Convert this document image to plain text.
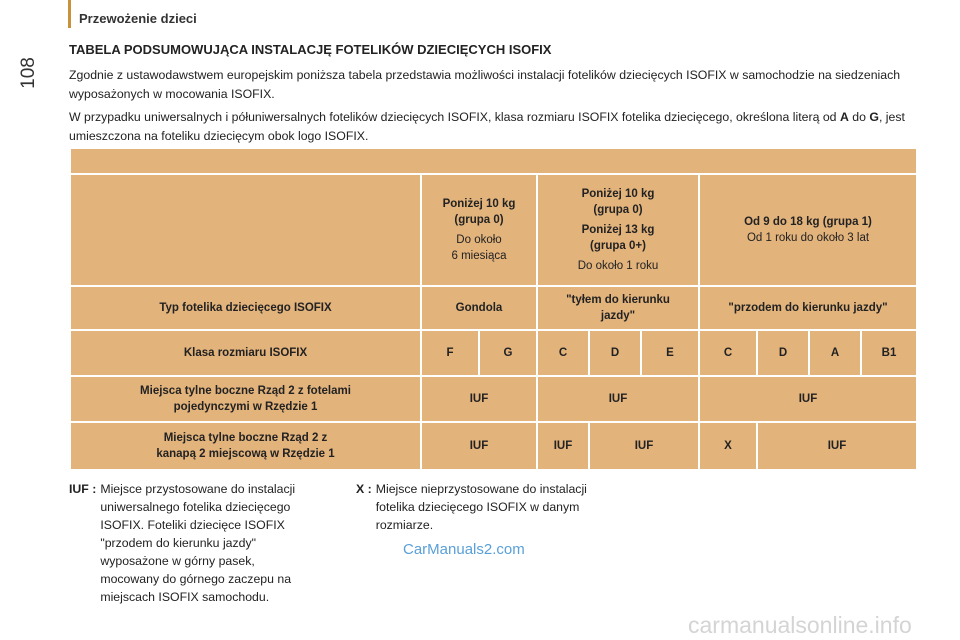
108
Przewożenie dzieci
TABELA PODSUMOWUJĄCA INSTALACJĘ FOTELIKÓW DZIECIĘCYCH ISOFIX

Zgodnie z ustawodawstwem europejskim poniższa tabela przedstawia możliwości instalacji fotelików dziecięcych ISOFIX w samochodzie na siedzeniach wyposażonych w mocowania ISOFIX.

W przypadku uniwersalnych i półuniwersalnych fotelików dziecięcych ISOFIX, klasa rozmiaru ISOFIX fotelika dziecięcego, określona literą od A do G, jest umieszczona na foteliku dziecięcym obok logo ISOFIX.

	Poniżej 10 kg
(grupa 0)
Do około
6 miesiąca		Poniżej 10 kg
(grupa 0)
Poniżej 13 kg
(grupa 0+)
Do około 1 roku			Od 9 do 18 kg (grupa 1)
Od 1 roku do około 3 lat			

Typ fotelika dziecięcego ISOFIX	Gondola		"tyłem do kierunku
jazdy"			"przodem do kierunku jazdy"			
Klasa rozmiaru ISOFIX	F	G	C	D	E	C	D	A	B1

Miejsca tylne boczne Rząd 2 z fotelami
pojedynczymi w Rzędzie 1	IUF		IUF			IUF			

Miejsca tylne boczne Rząd 2 z
kanapą 2 miejscową w Rzędzie 1	IUF		IUF	IUF		X	IUF		
IUF : Miejsce przystosowane do instalacji
uniwersalnego fotelika dziecięcego
ISOFIX. Foteliki dziecięce ISOFIX
"przodem do kierunku jazdy"
wyposażone w górny pasek,
mocowany do górnego zaczepu na
miejscach ISOFIX samochodu.
X : Miejsce nieprzystosowane do instalacji
fotelika dziecięcego ISOFIX w danym
rozmiarze.
CarManuals2.com
carmanualsonline.info
